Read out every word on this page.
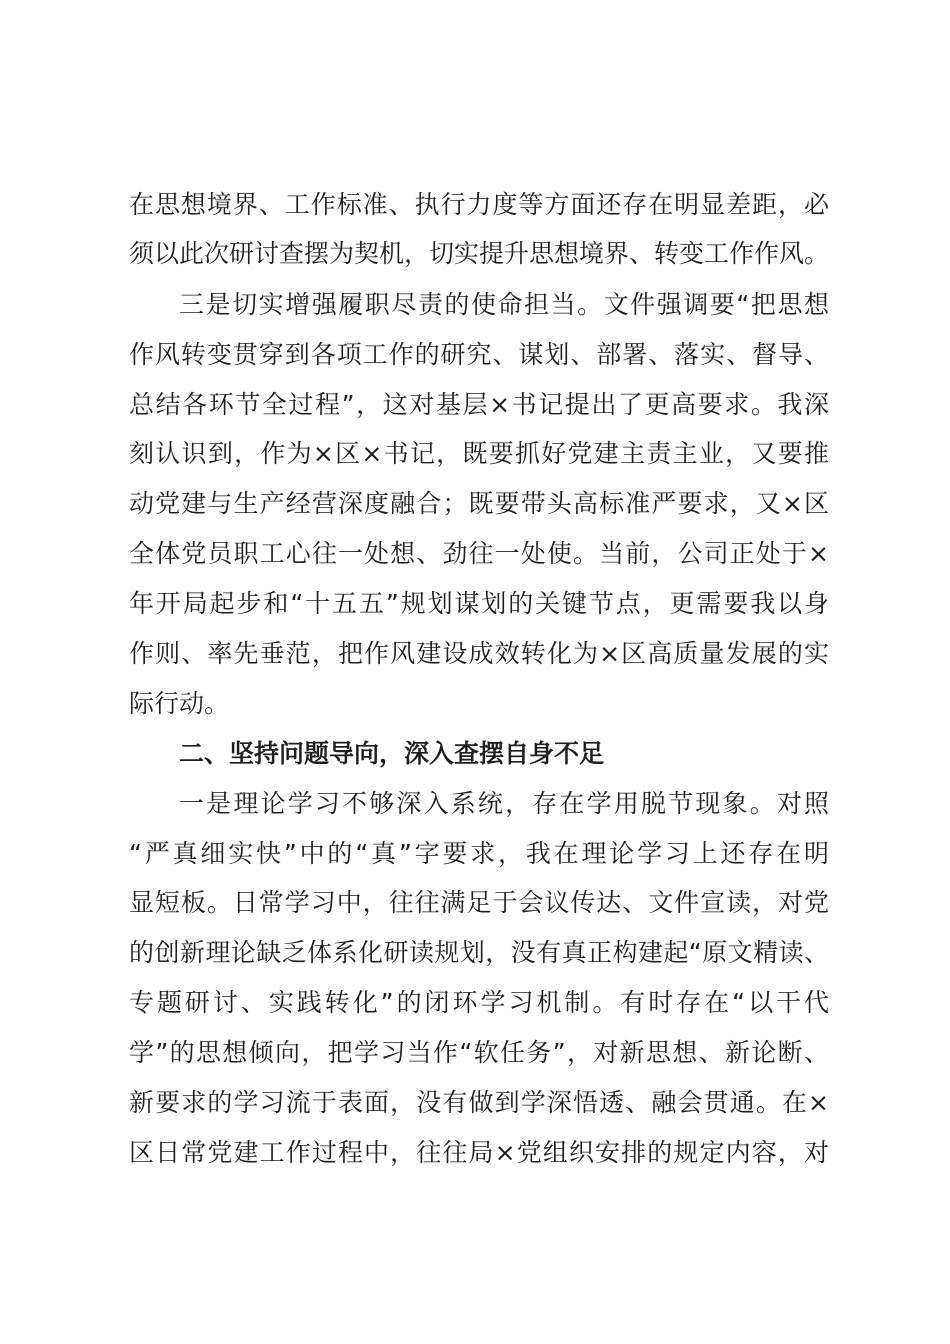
在思想境界、工作标准、执行力度等方面还存在明显差距，必
须以此次研讨查摆为契机，切实提升思想境界、转变工作作风。
三是切实增强履职尽责的使命担当。文件强调要“把思想
作风转变贯穿到各项工作的研究、谋划、部署、落实、督导、
总结各环节全过程”，这对基层×书记提出了更高要求。我深
刻认识到，作为×区×书记，既要抓好党建主责主业，又要推
动党建与生产经营深度融合；既要带头高标准严要求，又×区
全体党员职工心往一处想、劲往一处使。当前，公司正处于×
年开局起步和“十五五”规划谋划的关键节点，更需要我以身
作则、率先垂范，把作风建设成效转化为×区高质量发展的实
际行动。
二、坚持问题导向，深入查摆自身不足
一是理论学习不够深入系统，存在学用脱节现象。对照
“严真细实快”中的“真”字要求，我在理论学习上还存在明
显短板。日常学习中，往往满足于会议传达、文件宣读，对党
的创新理论缺乏体系化研读规划，没有真正构建起“原文精读、
专题研讨、实践转化”的闭环学习机制。有时存在“以干代
学”的思想倾向，把学习当作“软任务”，对新思想、新论断、
新要求的学习流于表面，没有做到学深悟透、融会贯通。在×
区日常党建工作过程中，往往局×党组织安排的规定内容，对
